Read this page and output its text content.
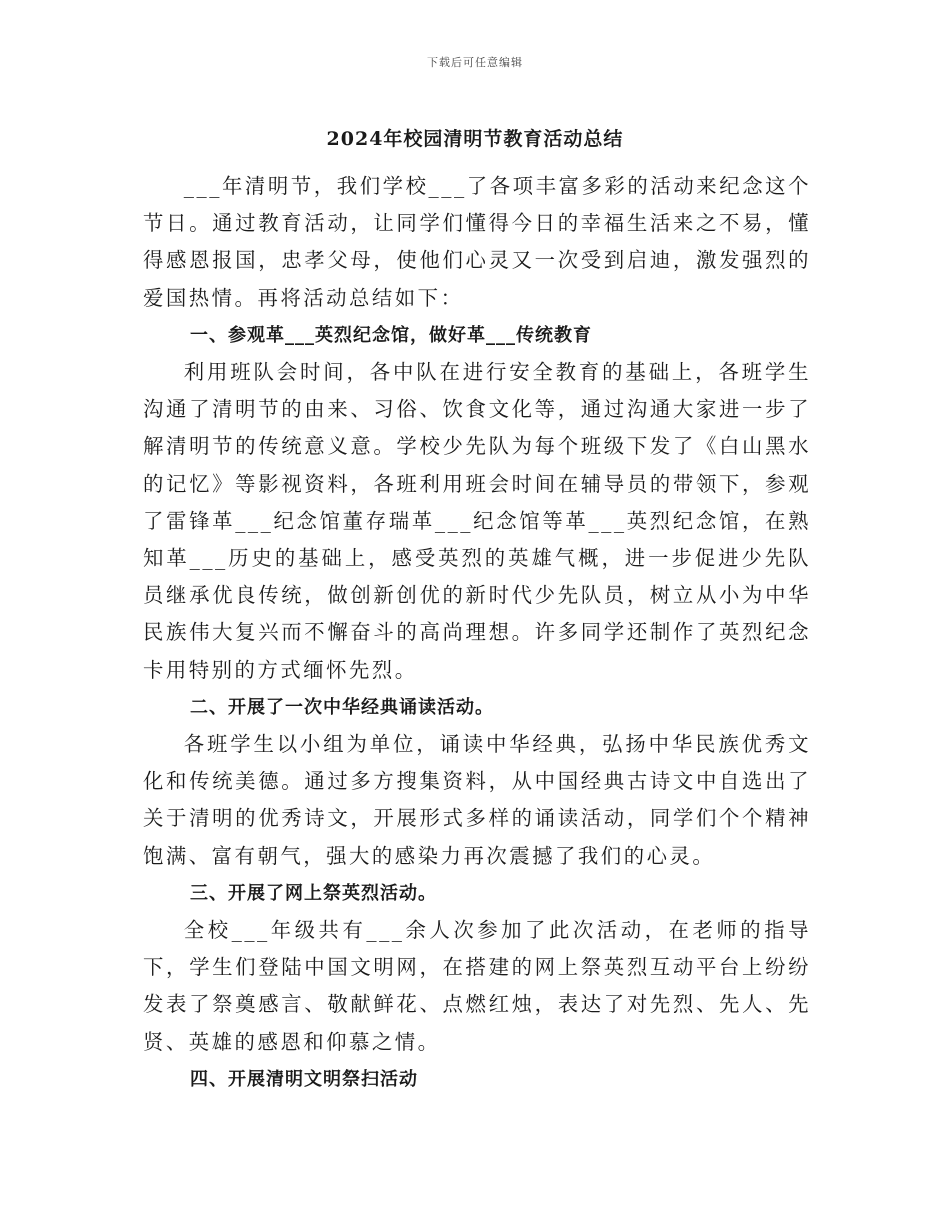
下载后可任意编辑
2024年校园清明节教育活动总结

___年清明节，我们学校___了各项丰富多彩的活动来纪念这个节日。通过教育活动，让同学们懂得今日的幸福生活来之不易，懂得感恩报国，忠孝父母，使他们心灵又一次受到启迪，激发强烈的爱国热情。再将活动总结如下：

一、参观革___英烈纪念馆，做好革___传统教育

利用班队会时间，各中队在进行安全教育的基础上，各班学生沟通了清明节的由来、习俗、饮食文化等，通过沟通大家进一步了解清明节的传统意义意。学校少先队为每个班级下发了《白山黑水的记忆》等影视资料，各班利用班会时间在辅导员的带领下，参观了雷锋革___纪念馆董存瑞革___纪念馆等革___英烈纪念馆，在熟知革___历史的基础上，感受英烈的英雄气概，进一步促进少先队员继承优良传统，做创新创优的新时代少先队员，树立从小为中华民族伟大复兴而不懈奋斗的高尚理想。许多同学还制作了英烈纪念卡用特别的方式缅怀先烈。

二、开展了一次中华经典诵读活动。

各班学生以小组为单位，诵读中华经典，弘扬中华民族优秀文化和传统美德。通过多方搜集资料，从中国经典古诗文中自选出了关于清明的优秀诗文，开展形式多样的诵读活动，同学们个个精神饱满、富有朝气，强大的感染力再次震撼了我们的心灵。

三、开展了网上祭英烈活动。

全校___年级共有___余人次参加了此次活动，在老师的指导下，学生们登陆中国文明网，在搭建的网上祭英烈互动平台上纷纷发表了祭奠感言、敬献鲜花、点燃红烛，表达了对先烈、先人、先贤、英雄的感恩和仰慕之情。

四、开展清明文明祭扫活动
